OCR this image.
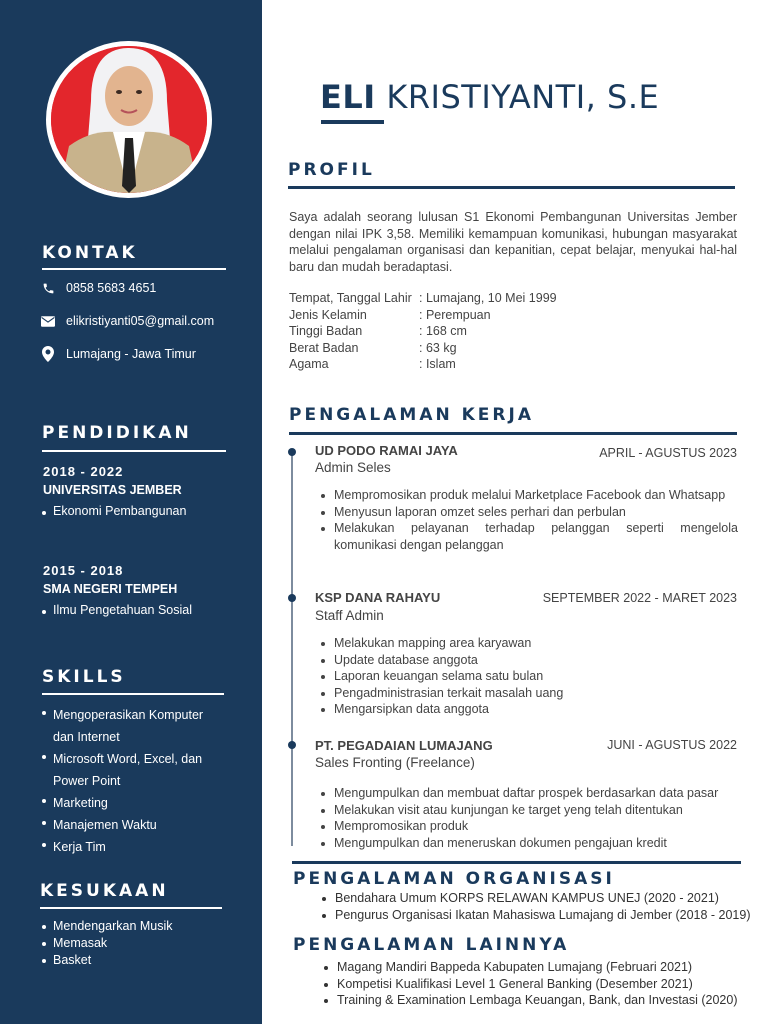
KONTAK
0858 5683 4651
elikristiyanti05@gmail.com
Lumajang - Jawa Timur
PENDIDIKAN
2018 - 2022
UNIVERSITAS JEMBER
Ekonomi Pembangunan
2015 - 2018
SMA NEGERI TEMPEH
Ilmu Pengetahuan Sosial
SKILLS
Mengoperasikan Komputer dan Internet
Microsoft Word, Excel, dan Power Point
Marketing
Manajemen Waktu
Kerja Tim
KESUKAAN
Mendengarkan Musik
Memasak
Basket
ELI KRISTIYANTI, S.E
PROFIL
Saya adalah seorang lulusan S1 Ekonomi Pembangunan Universitas Jember dengan nilai IPK 3,58. Memiliki kemampuan komunikasi, hubungan masyarakat melalui pengalaman organisasi dan kepanitian, cepat belajar, menyukai hal-hal baru dan mudah beradaptasi.
Tempat, Tanggal Lahir : Lumajang, 10 Mei 1999
Jenis Kelamin	: Perempuan
Tinggi Badan	: 168 cm
Berat Badan	: 63 kg
Agama	: Islam
PENGALAMAN KERJA
UD PODO RAMAI JAYA	APRIL - AGUSTUS 2023
Admin Seles
Mempromosikan produk melalui Marketplace Facebook dan Whatsapp
Menyusun laporan omzet seles perhari dan perbulan
Melakukan pelayanan terhadap pelanggan seperti mengelola komunikasi dengan pelanggan
KSP DANA RAHAYU	SEPTEMBER 2022 - MARET 2023
Staff Admin
Melakukan mapping area karyawan
Update database anggota
Laporan keuangan selama satu bulan
Pengadministrasian terkait masalah uang
Mengarsipkan data anggota
PT. PEGADAIAN LUMAJANG	JUNI - AGUSTUS 2022
Sales Fronting (Freelance)
Mengumpulkan dan membuat daftar prospek berdasarkan data pasar
Melakukan visit atau kunjungan ke target yeng telah ditentukan
Mempromosikan produk
Mengumpulkan dan meneruskan dokumen pengajuan kredit
PENGALAMAN ORGANISASI
Bendahara Umum KORPS RELAWAN KAMPUS UNEJ (2020 - 2021)
Pengurus Organisasi Ikatan Mahasiswa Lumajang di Jember (2018 - 2019)
PENGALAMAN LAINNYA
Magang Mandiri Bappeda Kabupaten Lumajang (Februari 2021)
Kompetisi Kualifikasi Level 1 General Banking (Desember 2021)
Training & Examination Lembaga Keuangan, Bank, dan Investasi (2020)
